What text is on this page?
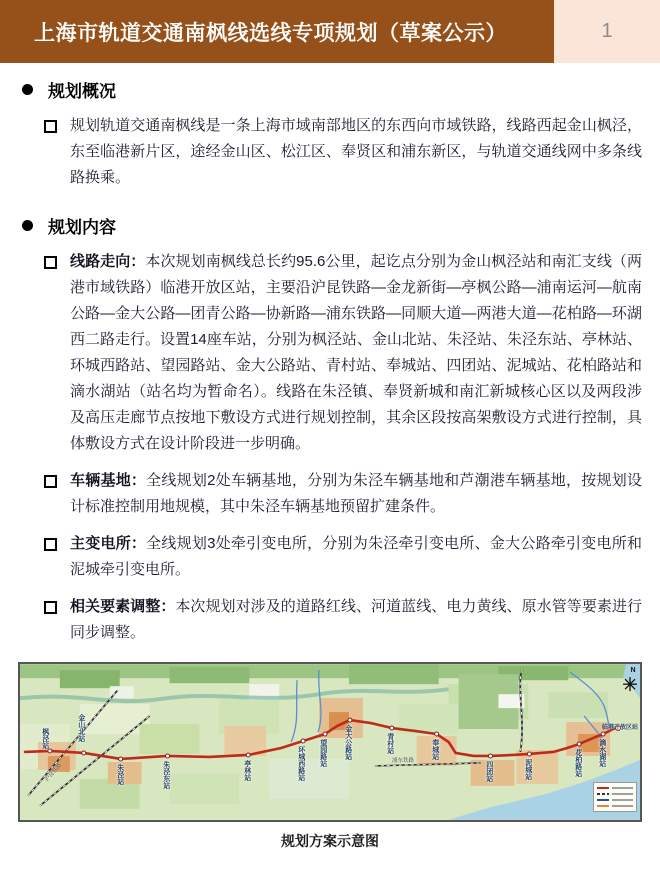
上海市轨道交通南枫线选线专项规划（草案公示）	1
规划概况

规划轨道交通南枫线是一条上海市域南部地区的东西向市域铁路，线路西起金山枫泾，东至临港新片区，途经金山区、松江区、奉贤区和浦东新区，与轨道交通线网中多条线路换乘。

规划内容

线路走向：本次规划南枫线总长约95.6公里，起讫点分别为金山枫泾站和南汇支线（两港市域铁路）临港开放区站，主要沿沪昆铁路—金龙新街—亭枫公路—浦南运河—航南公路—金大公路—团青公路—协新路—浦东铁路—同顺大道—两港大道—花柏路—环湖西二路走行。设置14座车站，分别为枫泾站、金山北站、朱泾站、朱泾东站、亭林站、环城西路站、望园路站、金大公路站、青村站、奉城站、四团站、泥城站、花柏路站和滴水湖站（站名均为暂命名）。线路在朱泾镇、奉贤新城和南汇新城核心区以及两段涉及高压走廊节点按地下敷设方式进行规划控制，其余区段按高架敷设方式进行控制，具体敷设方式在设计阶段进一步明确。

车辆基地：全线规划2处车辆基地，分别为朱泾车辆基地和芦潮港车辆基地，按规划设计标准控制用地规模，其中朱泾车辆基地预留扩建条件。

主变电所：全线规划3处牵引变电所，分别为朱泾牵引变电所、金大公路牵引变电所和泥城牵引变电所。

相关要素调整：本次规划对涉及的道路红线、河道蓝线、电力黄线、原水管等要素进行同步调整。

枫泾站	金山北站
朱泾站	朱泾东站	亭林站	环城西路站 望园路站	金大公路站	青村站	奉城站
四团站	泥城站	花柏路站 滴水湖站
临港开放区站
沪昆铁路
浦东铁路
N
规划方案示意图
